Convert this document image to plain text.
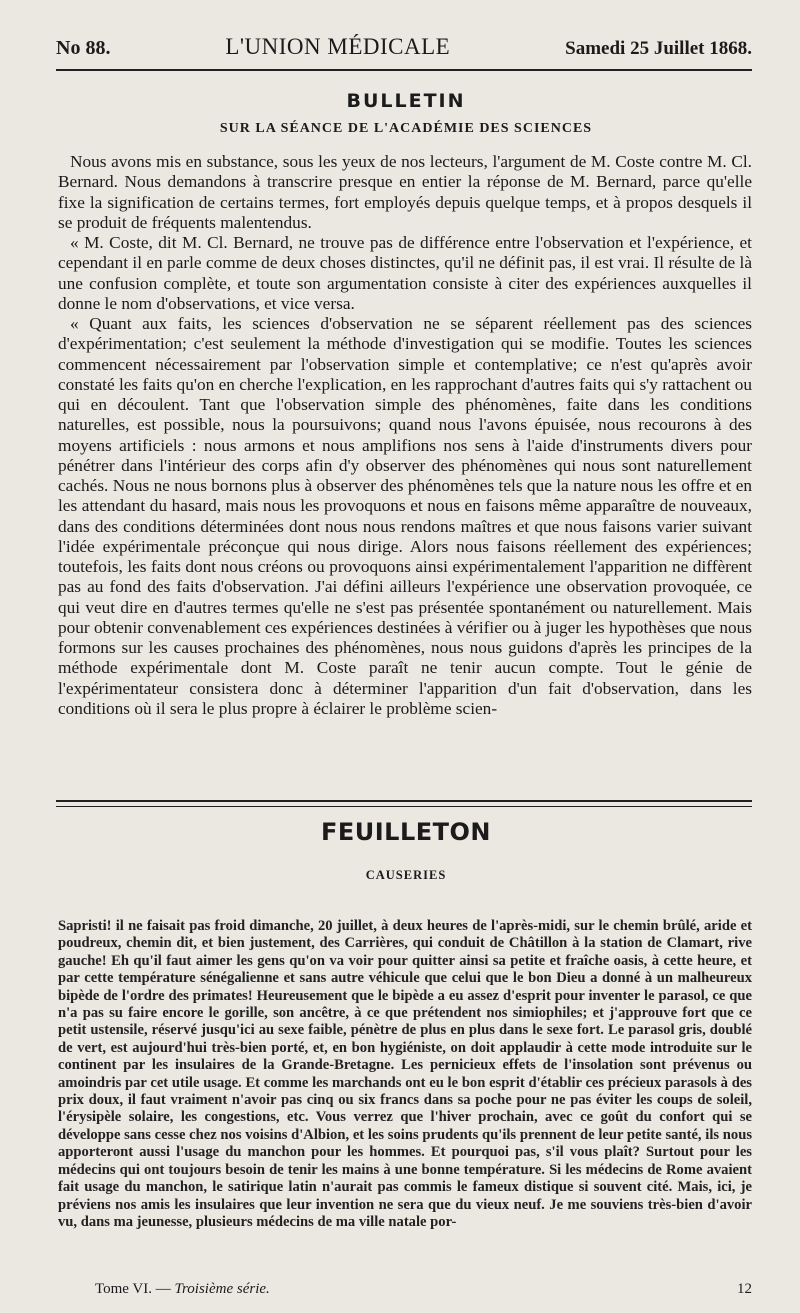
No 88.	L'UNION MÉDICALE	Samedi 25 Juillet 1868.
BULLETIN
SUR LA SÉANCE DE L'ACADÉMIE DES SCIENCES

Nous avons mis en substance, sous les yeux de nos lecteurs, l'argument de M. Coste contre M. Cl. Bernard. Nous demandons à transcrire presque en entier la réponse de M. Bernard, parce qu'elle fixe la signification de certains termes, fort employés depuis quelque temps, et à propos desquels il se produit de fréquents malentendus.

« M. Coste, dit M. Cl. Bernard, ne trouve pas de différence entre l'observation et l'expérience, et cependant il en parle comme de deux choses distinctes, qu'il ne définit pas, il est vrai. Il résulte de là une confusion complète, et toute son argumentation consiste à citer des expériences auxquelles il donne le nom d'observations, et vice versa.

« Quant aux faits, les sciences d'observation ne se séparent réellement pas des sciences d'expérimentation; c'est seulement la méthode d'investigation qui se modifie. Toutes les sciences commencent nécessairement par l'observation simple et contemplative; ce n'est qu'après avoir constaté les faits qu'on en cherche l'explication, en les rapprochant d'autres faits qui s'y rattachent ou qui en découlent. Tant que l'observation simple des phénomènes, faite dans les conditions naturelles, est possible, nous la poursuivons; quand nous l'avons épuisée, nous recourons à des moyens artificiels : nous armons et nous amplifions nos sens à l'aide d'instruments divers pour pénétrer dans l'intérieur des corps afin d'y observer des phénomènes qui nous sont naturellement cachés. Nous ne nous bornons plus à observer des phénomènes tels que la nature nous les offre et en les attendant du hasard, mais nous les provoquons et nous en faisons même apparaître de nouveaux, dans des conditions déterminées dont nous nous rendons maîtres et que nous faisons varier suivant l'idée expérimentale préconçue qui nous dirige. Alors nous faisons réellement des expériences; toutefois, les faits dont nous créons ou provoquons ainsi expérimentalement l'apparition ne diffèrent pas au fond des faits d'observation. J'ai défini ailleurs l'expérience une observation provoquée, ce qui veut dire en d'autres termes qu'elle ne s'est pas présentée spontanément ou naturellement. Mais pour obtenir convenablement ces expériences destinées à vérifier ou à juger les hypothèses que nous formons sur les causes prochaines des phénomènes, nous nous guidons d'après les principes de la méthode expérimentale dont M. Coste paraît ne tenir aucun compte. Tout le génie de l'expérimentateur consistera donc à déterminer l'apparition d'un fait d'observation, dans les conditions où il sera le plus propre à éclairer le problème scien-

FEUILLETON
CAUSERIES

Sapristi! il ne faisait pas froid dimanche, 20 juillet, à deux heures de l'après-midi, sur le chemin brûlé, aride et poudreux, chemin dit, et bien justement, des Carrières, qui conduit de Châtillon à la station de Clamart, rive gauche! Eh qu'il faut aimer les gens qu'on va voir pour quitter ainsi sa petite et fraîche oasis, à cette heure, et par cette température sénégalienne et sans autre véhicule que celui que le bon Dieu a donné à un malheureux bipède de l'ordre des primates! Heureusement que le bipède a eu assez d'esprit pour inventer le parasol, ce que n'a pas su faire encore le gorille, son ancêtre, à ce que prétendent nos simiophiles; et j'approuve fort que ce petit ustensile, réservé jusqu'ici au sexe faible, pénètre de plus en plus dans le sexe fort. Le parasol gris, doublé de vert, est aujourd'hui très-bien porté, et, en bon hygiéniste, on doit applaudir à cette mode introduite sur le continent par les insulaires de la Grande-Bretagne. Les pernicieux effets de l'insolation sont prévenus ou amoindris par cet utile usage. Et comme les marchands ont eu le bon esprit d'établir ces précieux parasols à des prix doux, il faut vraiment n'avoir pas cinq ou six francs dans sa poche pour ne pas éviter les coups de soleil, l'érysipèle solaire, les congestions, etc. Vous verrez que l'hiver prochain, avec ce goût du confort qui se développe sans cesse chez nos voisins d'Albion, et les soins prudents qu'ils prennent de leur petite santé, ils nous apporteront aussi l'usage du manchon pour les hommes. Et pourquoi pas, s'il vous plaît? Surtout pour les médecins qui ont toujours besoin de tenir les mains à une bonne température. Si les médecins de Rome avaient fait usage du manchon, le satirique latin n'aurait pas commis le fameux distique si souvent cité. Mais, ici, je préviens nos amis les insulaires que leur invention ne sera que du vieux neuf. Je me souviens très-bien d'avoir vu, dans ma jeunesse, plusieurs médecins de ma ville natale por-

Tome VI. — Troisième série.	12
